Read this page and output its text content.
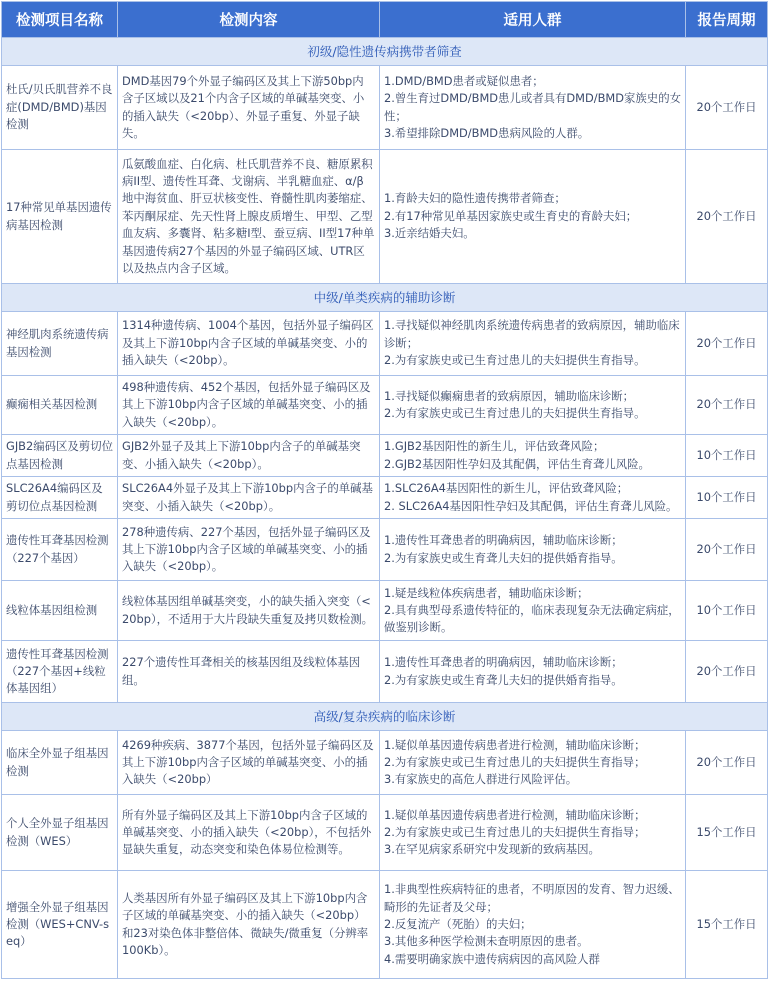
检测项目名称	检测内容	适用人群	报告周期
初级/隐性遗传病携带者筛查			
杜氏/贝氏肌营养不良症(DMD/BMD)基因检测	DMD基因79个外显子编码区及其上下游50bp内含子区域以及21个内含子区域的单碱基突变、小的插入缺失（<20bp）、外显子重复、外显子缺失。	1.DMD/BMD患者或疑似患者；
2.曾生育过DMD/BMD患儿或者具有DMD/BMD家族史的女性；
3.希望排除DMD/BMD患病风险的人群。	20个工作日
17种常见单基因遗传病基因检测	瓜氨酸血症、白化病、杜氏肌营养不良、糖原累积病II型、遗传性耳聋、戈谢病、半乳糖血症、α/β地中海贫血、肝豆状核变性、脊髓性肌肉萎缩症、苯丙酮尿症、先天性肾上腺皮质增生、甲型、乙型血友病、多囊肾、粘多糖I型、蚕豆病、II型17种单基因遗传病27个基因的外显子编码区域、UTR区以及热点内含子区域。	1.育龄夫妇的隐性遗传携带者筛查；
2.有17种常见单基因家族史或生育史的育龄夫妇；
3.近亲结婚夫妇。	20个工作日
中级/单类疾病的辅助诊断			
神经肌肉系统遗传病基因检测	1314种遗传病、1004个基因，包括外显子编码区及其上下游10bp内含子区域的单碱基突变、小的插入缺失（<20bp）。	1.寻找疑似神经肌肉系统遗传病患者的致病原因，辅助临床诊断；
2.为有家族史或已生育过患儿的夫妇提供生育指导。	20个工作日
癫痫相关基因检测	498种遗传病、452个基因，包括外显子编码区及其上下游10bp内含子区域的单碱基突变、小的插入缺失（<20bp）。	1.寻找疑似癫痫患者的致病原因，辅助临床诊断；
2.为有家族史或已生育过患儿的夫妇提供生育指导。	20个工作日
GJB2编码区及剪切位点基因检测	GJB2外显子及其上下游10bp内含子的单碱基突变、小插入缺失（<20bp）。	1.GJB2基因阳性的新生儿，评估致聋风险；
2.GJB2基因阳性孕妇及其配偶，评估生育聋儿风险。	10个工作日
SLC26A4编码区及剪切位点基因检测	SLC26A4外显子及其上下游10bp内含子的单碱基突变、小插入缺失（<20bp）。	1.SLC26A4基因阳性的新生儿，评估致聋风险；
2. SLC26A4基因阳性孕妇及其配偶，评估生育聋儿风险。	10个工作日
遗传性耳聋基因检测（227个基因）	278种遗传病、227个基因，包括外显子编码区及其上下游10bp内含子区域的单碱基突变、小的插入缺失（<20bp）。	1.遗传性耳聋患者的明确病因，辅助临床诊断；
2.为有家族史或生育聋儿夫妇的提供婚育指导。	20个工作日
线粒体基因组检测	线粒体基因组单碱基突变，小的缺失插入突变（< 20bp），不适用于大片段缺失重复及拷贝数检测。	1.疑是线粒体疾病患者，辅助临床诊断；
2.具有典型母系遗传特征的，临床表现复杂无法确定病症，做鉴别诊断。	10个工作日
遗传性耳聋基因检测（227个基因+线粒体基因组）	227个遗传性耳聋相关的核基因组及线粒体基因组。	1.遗传性耳聋患者的明确病因，辅助临床诊断；
2.为有家族史或生育聋儿夫妇的提供婚育指导。	20个工作日
高级/复杂疾病的临床诊断			
临床全外显子组基因检测	4269种疾病、3877个基因，包括外显子编码区及其上下游10bp内含子区域的单碱基突变、小的插入缺失（<20bp）	1.疑似单基因遗传病患者进行检测，辅助临床诊断；
2.为有家族史或已生育过患儿的夫妇提供生育指导；
3.有家族史的高危人群进行风险评估。	20个工作日
个人全外显子组基因检测（WES）	所有外显子编码区及其上下游10bp内含子区域的单碱基突变、小的插入缺失（<20bp），不包括外显缺失重复，动态突变和染色体易位检测等。	1.疑似单基因遗传病患者进行检测，辅助临床诊断；
2.为有家族史或已生育过患儿的夫妇提供生育指导；
3.在罕见病家系研究中发现新的致病基因。	15个工作日
增强全外显子组基因检测（WES+CNV-seq）	人类基因所有外显子编码区及其上下游10bp内含子区域的单碱基突变、小的插入缺失（<20bp）和23对染色体非整倍体、微缺失/微重复（分辨率100Kb）。	1.非典型性疾病特征的患者，不明原因的发育、智力迟缓、畸形的先证者及父母；
2.反复流产（死胎）的夫妇；
3.其他多种医学检测未查明原因的患者。
4.需要明确家族中遗传病病因的高风险人群	15个工作日
